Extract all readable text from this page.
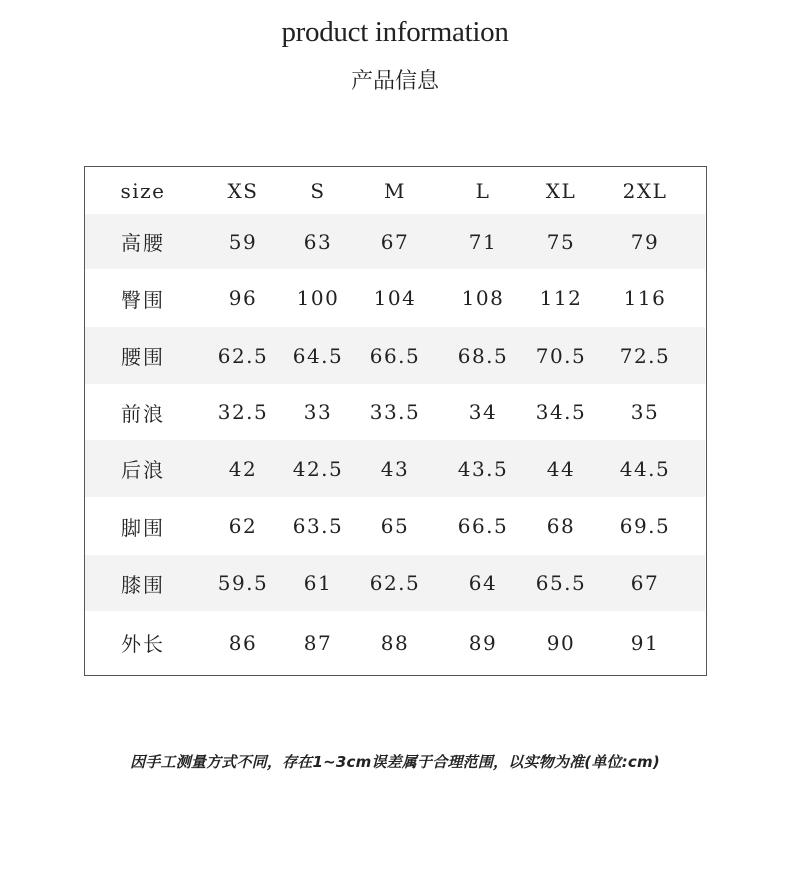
product information
产品信息
size	XS	S	M	L	XL	2XL
高腰	59	63	67	71	75	79
臀围	96	100	104	108	112	116
腰围	62.5	64.5	66.5	68.5	70.5	72.5
前浪	32.5	33	33.5	34	34.5	35
后浪	42	42.5	43	43.5	44	44.5
脚围	62	63.5	65	66.5	68	69.5
膝围	59.5	61	62.5	64	65.5	67
外长	86	87	88	89	90	91
因手工测量方式不同，存在1~3cm误差属于合理范围，以实物为准(单位:cm)
